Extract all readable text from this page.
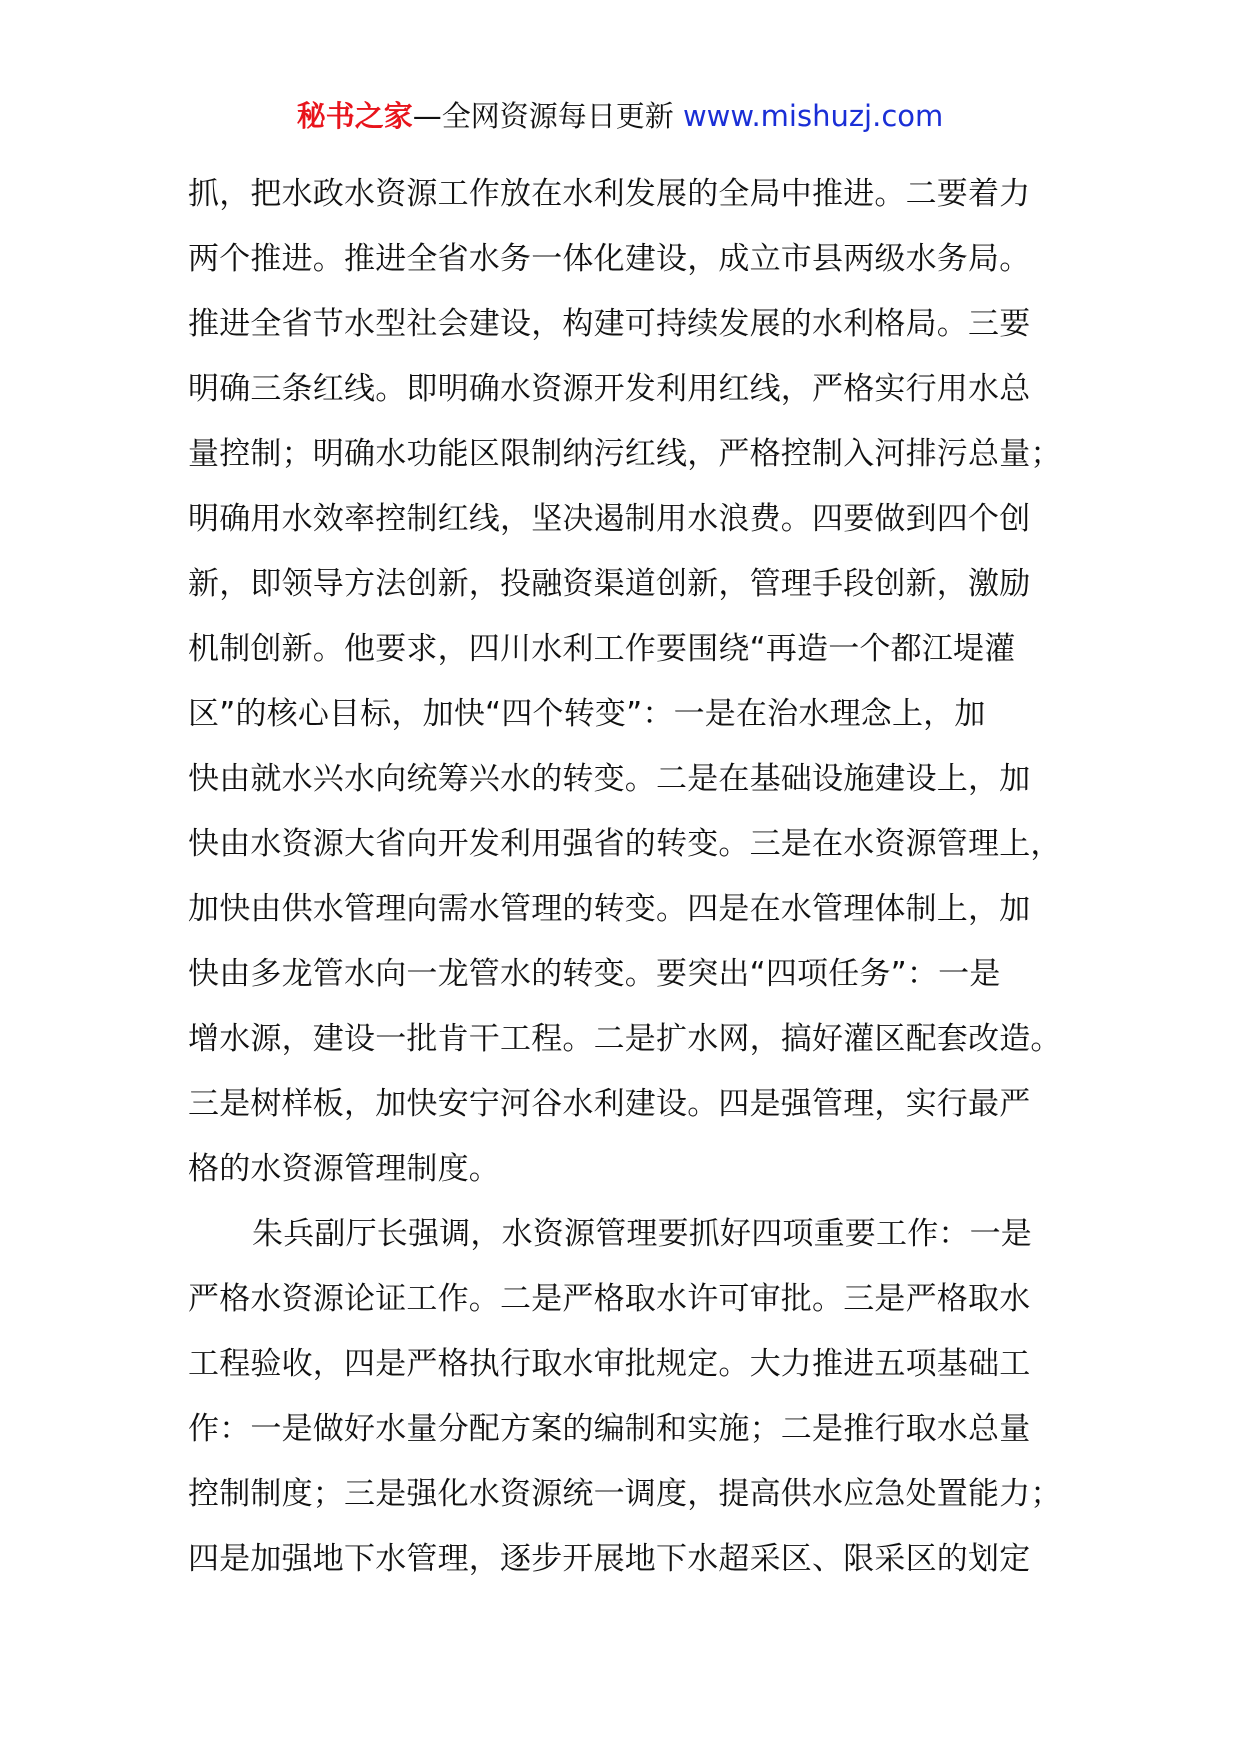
秘书之家—全网资源每日更新 www.mishuzj.com
抓，把水政水资源工作放在水利发展的全局中推进。二要着力
两个推进。推进全省水务一体化建设，成立市县两级水务局。
推进全省节水型社会建设，构建可持续发展的水利格局。三要
明确三条红线。即明确水资源开发利用红线，严格实行用水总
量控制；明确水功能区限制纳污红线，严格控制入河排污总量；
明确用水效率控制红线，坚决遏制用水浪费。四要做到四个创
新，即领导方法创新，投融资渠道创新，管理手段创新，激励
机制创新。他要求，四川水利工作要围绕“再造一个都江堤灌
区”的核心目标，加快“四个转变”：一是在治水理念上，加
快由就水兴水向统筹兴水的转变。二是在基础设施建设上，加
快由水资源大省向开发利用强省的转变。三是在水资源管理上，
加快由供水管理向需水管理的转变。四是在水管理体制上，加
快由多龙管水向一龙管水的转变。要突出“四项任务”：一是
增水源，建设一批肯干工程。二是扩水网，搞好灌区配套改造。
三是树样板，加快安宁河谷水利建设。四是强管理，实行最严
格的水资源管理制度。
朱兵副厅长强调，水资源管理要抓好四项重要工作：一是
严格水资源论证工作。二是严格取水许可审批。三是严格取水
工程验收，四是严格执行取水审批规定。大力推进五项基础工
作：一是做好水量分配方案的编制和实施；二是推行取水总量
控制制度；三是强化水资源统一调度，提高供水应急处置能力；
四是加强地下水管理，逐步开展地下水超采区、限采区的划定
